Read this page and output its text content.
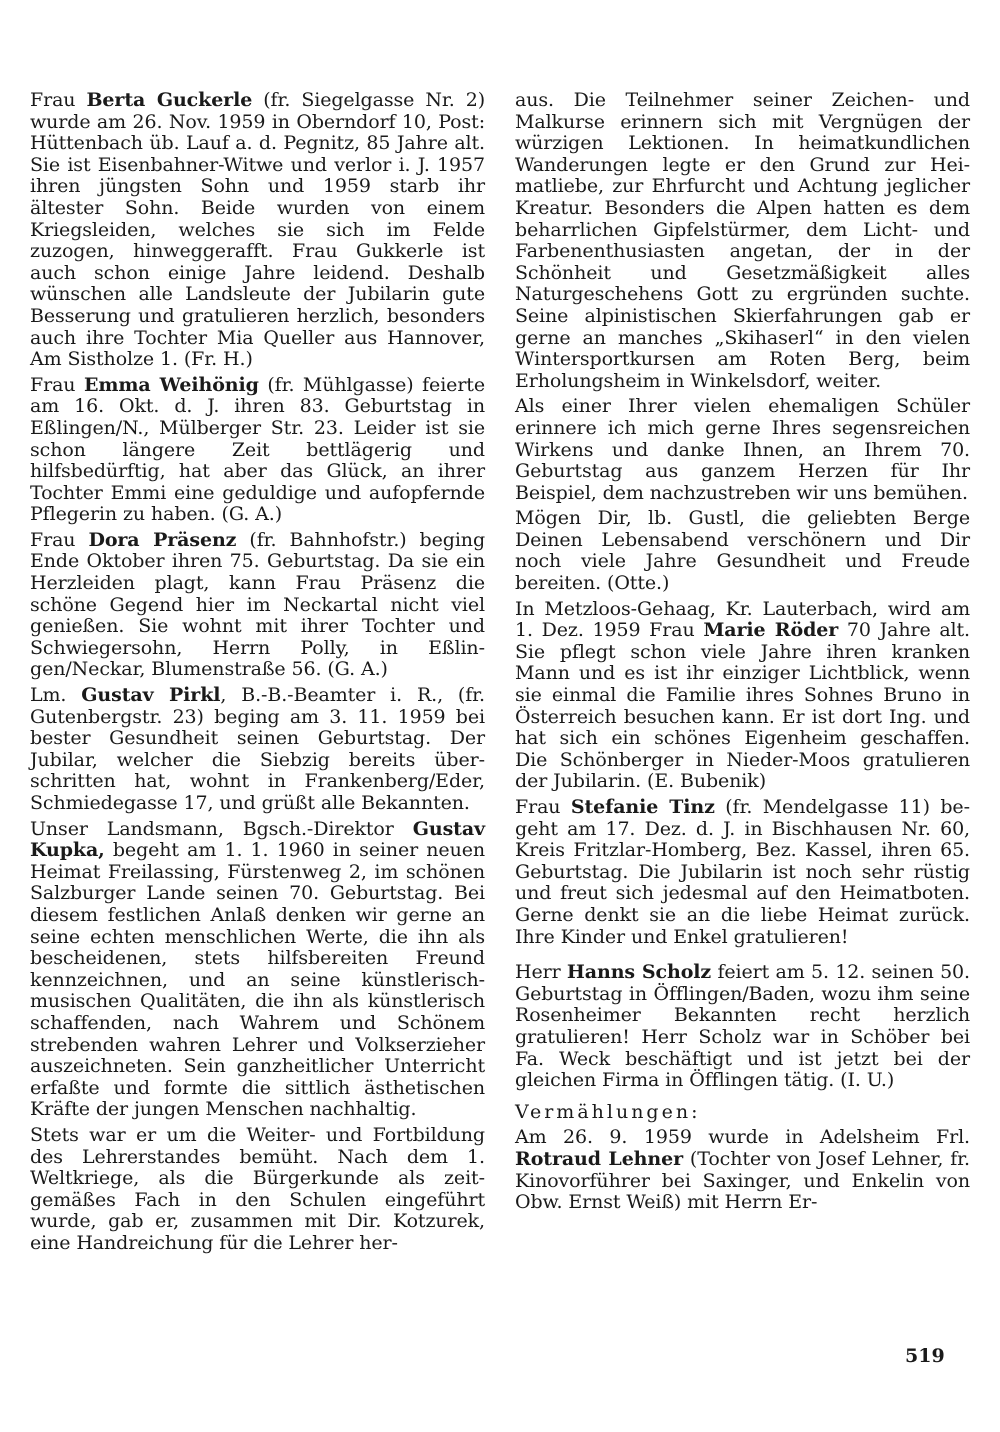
Frau Berta Guckerle (fr. Siegelgasse Nr. 2) wurde am 26. Nov. 1959 in Oberndorf 10, Post: Hüttenbach üb. Lauf a. d. Pegnitz, 85 Jahre alt. Sie ist Eisenbahner-Witwe und verlor i. J. 1957 ihren jüngsten Sohn und 1959 starb ihr ältester Sohn. Beide wurden von einem Kriegsleiden, welches sie sich im Felde zuzogen, hinweggerafft. Frau Gukkerle ist auch schon einige Jahre leidend. Deshalb wünschen alle Landsleute der Jubilarin gute Besserung und gratulieren herzlich, besonders auch ihre Tochter Mia Queller aus Hannover, Am Sistholze 1. (Fr. H.)

Frau Emma Weihönig (fr. Mühlgasse) feierte am 16. Okt. d. J. ihren 83. Geburtstag in Eßlingen/N., Mülberger Str. 23. Leider ist sie schon längere Zeit bettlägerig und hilfsbedürftig, hat aber das Glück, an ihrer Tochter Emmi eine geduldige und aufopfernde Pflegerin zu haben. (G. A.)

Frau Dora Präsenz (fr. Bahnhofstr.) beging Ende Oktober ihren 75. Geburtstag. Da sie ein Herzleiden plagt, kann Frau Präsenz die schöne Gegend hier im Neckartal nicht viel genießen. Sie wohnt mit ihrer Tochter und Schwiegersohn, Herrn Polly, in Eßlingen/Neckar, Blumenstraße 56. (G. A.)

Lm. Gustav Pirkl, B.-B.-Beamter i. R., (fr. Gutenbergstr. 23) beging am 3. 11. 1959 bei bester Gesundheit seinen Geburtstag. Der Jubilar, welcher die Siebzig bereits überschritten hat, wohnt in Frankenberg/Eder, Schmiedegasse 17, und grüßt alle Bekannten.

Unser Landsmann, Bgsch.-Direktor Gustav Kupka, begeht am 1. 1. 1960 in seiner neuen Heimat Freilassing, Fürstenweg 2, im schönen Salzburger Lande seinen 70. Geburtstag. Bei diesem festlichen Anlaß denken wir gerne an seine echten menschlichen Werte, die ihn als bescheidenen, stets hilfsbereiten Freund kennzeichnen, und an seine künstlerisch-musischen Qualitäten, die ihn als künstlerisch schaffenden, nach Wahrem und Schönem strebenden wahren Lehrer und Volkserzieher auszeichneten. Sein ganzheitlicher Unterricht erfaßte und formte die sittlich ästhetischen Kräfte der jungen Menschen nachhaltig.

Stets war er um die Weiter- und Fortbildung des Lehrerstandes bemüht. Nach dem 1. Weltkriege, als die Bürgerkunde als zeitgemäßes Fach in den Schulen eingeführt wurde, gab er, zusammen mit Dir. Kotzurek, eine Handreichung für die Lehrer her-

aus. Die Teilnehmer seiner Zeichen- und Malkurse erinnern sich mit Vergnügen der würzigen Lektionen. In heimatkundlichen Wanderungen legte er den Grund zur Heimatliebe, zur Ehrfurcht und Achtung jeglicher Kreatur. Besonders die Alpen hatten es dem beharrlichen Gipfelstürmer, dem Licht- und Farbenenthusiasten angetan, der in der Schönheit und Gesetzmäßigkeit alles Naturgeschehens Gott zu ergründen suchte. Seine alpinistischen Skierfahrungen gab er gerne an manches „Skihaserl“ in den vielen Wintersportkursen am Roten Berg, beim Erholungsheim in Winkelsdorf, weiter.

Als einer Ihrer vielen ehemaligen Schüler erinnere ich mich gerne Ihres segensreichen Wirkens und danke Ihnen, an Ihrem 70. Geburtstag aus ganzem Herzen für Ihr Beispiel, dem nachzustreben wir uns bemühen.

Mögen Dir, lb. Gustl, die geliebten Berge Deinen Lebensabend verschönern und Dir noch viele Jahre Gesundheit und Freude bereiten. (Otte.)

In Metzloos-Gehaag, Kr. Lauterbach, wird am 1. Dez. 1959 Frau Marie Röder 70 Jahre alt. Sie pflegt schon viele Jahre ihren kranken Mann und es ist ihr einziger Lichtblick, wenn sie einmal die Familie ihres Sohnes Bruno in Österreich besuchen kann. Er ist dort Ing. und hat sich ein schönes Eigenheim geschaffen. Die Schönberger in Nieder-Moos gratulieren der Jubilarin. (E. Bubenik)

Frau Stefanie Tinz (fr. Mendelgasse 11) begeht am 17. Dez. d. J. in Bischhausen Nr. 60, Kreis Fritzlar-Homberg, Bez. Kassel, ihren 65. Geburtstag. Die Jubilarin ist noch sehr rüstig und freut sich jedesmal auf den Heimatboten. Gerne denkt sie an die liebe Heimat zurück. Ihre Kinder und Enkel gratulieren!

Herr Hanns Scholz feiert am 5. 12. seinen 50. Geburtstag in Öfflingen/Baden, wozu ihm seine Rosenheimer Bekannten recht herzlich gratulieren! Herr Scholz war in Schöber bei Fa. Weck beschäftigt und ist jetzt bei der gleichen Firma in Öfflingen tätig. (I. U.)

Vermählungen:

Am 26. 9. 1959 wurde in Adelsheim Frl. Rotraud Lehner (Tochter von Josef Lehner, fr. Kinovorführer bei Saxinger, und Enkelin von Obw. Ernst Weiß) mit Herrn Er-

519
